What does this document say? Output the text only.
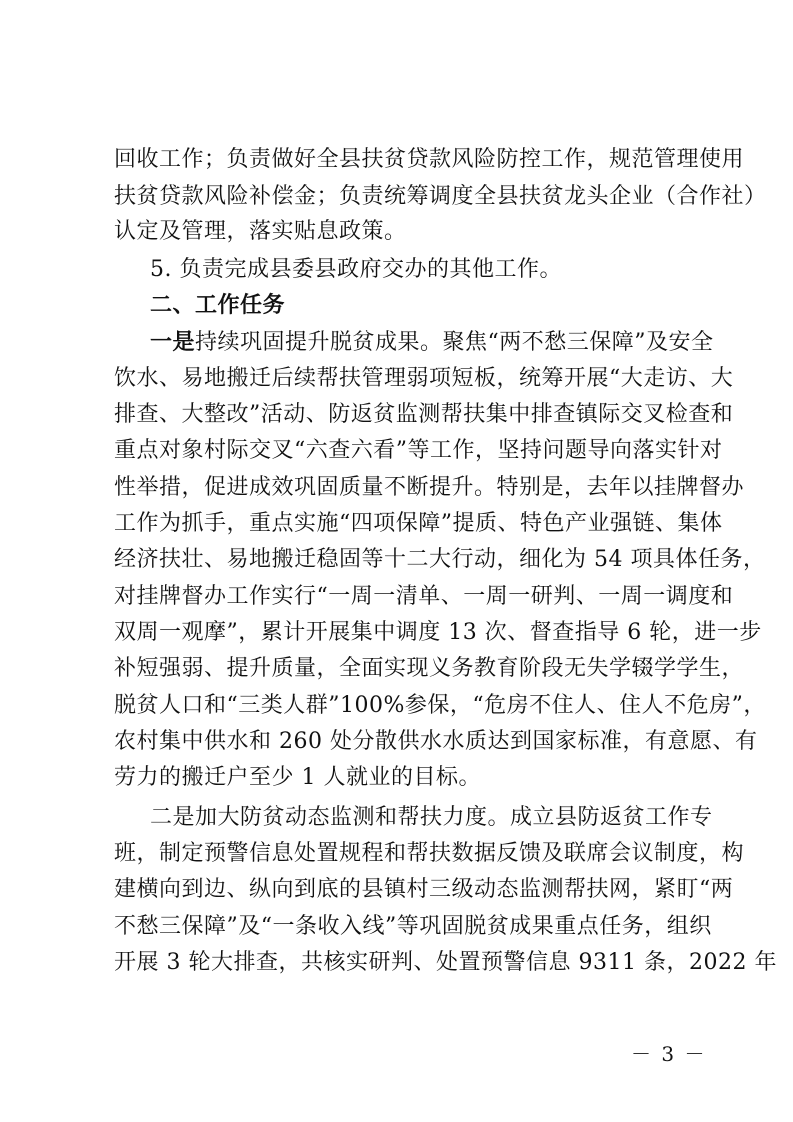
回收工作；负责做好全县扶贫贷款风险防控工作，规范管理使用
扶贫贷款风险补偿金；负责统筹调度全县扶贫龙头企业（合作社）
认定及管理，落实贴息政策。
5. 负责完成县委县政府交办的其他工作。
二、工作任务
一是持续巩固提升脱贫成果。聚焦“两不愁三保障”及安全
饮水、易地搬迁后续帮扶管理弱项短板，统筹开展“大走访、大
排查、大整改”活动、防返贫监测帮扶集中排查镇际交叉检查和
重点对象村际交叉“六查六看”等工作，坚持问题导向落实针对
性举措，促进成效巩固质量不断提升。特别是，去年以挂牌督办
工作为抓手，重点实施“四项保障”提质、特色产业强链、集体
经济扶壮、易地搬迁稳固等十二大行动，细化为 54 项具体任务，
对挂牌督办工作实行“一周一清单、一周一研判、一周一调度和
双周一观摩”，累计开展集中调度 13 次、督查指导 6 轮，进一步
补短强弱、提升质量，全面实现义务教育阶段无失学辍学学生，
脱贫人口和“三类人群”100%参保，“危房不住人、住人不危房”，
农村集中供水和 260 处分散供水水质达到国家标准，有意愿、有
劳力的搬迁户至少 1 人就业的目标。
二是加大防贫动态监测和帮扶力度。成立县防返贫工作专
班，制定预警信息处置规程和帮扶数据反馈及联席会议制度，构
建横向到边、纵向到底的县镇村三级动态监测帮扶网，紧盯“两
不愁三保障”及“一条收入线”等巩固脱贫成果重点任务，组织
开展 3 轮大排查，共核实研判、处置预警信息 9311 条，2022 年
－ 3 －
